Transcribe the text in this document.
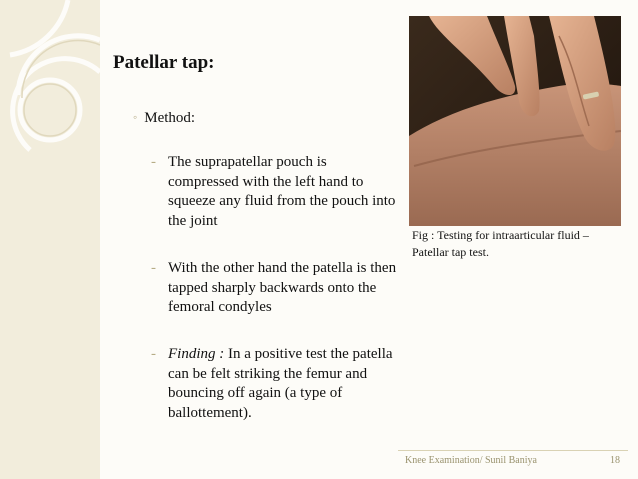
Patellar tap:
◦ Method:
- The suprapatellar pouch is compressed with the left hand to squeeze any fluid from the pouch into the joint
- With the other hand the patella is then tapped sharply backwards onto the femoral condyles
- Finding : In a positive test the patella can be felt striking the femur and bouncing off again (a type of ballottement).
Fig : Testing for intraarticular fluid – Patellar tap test.
Knee Examination/ Sunil Baniya	18
